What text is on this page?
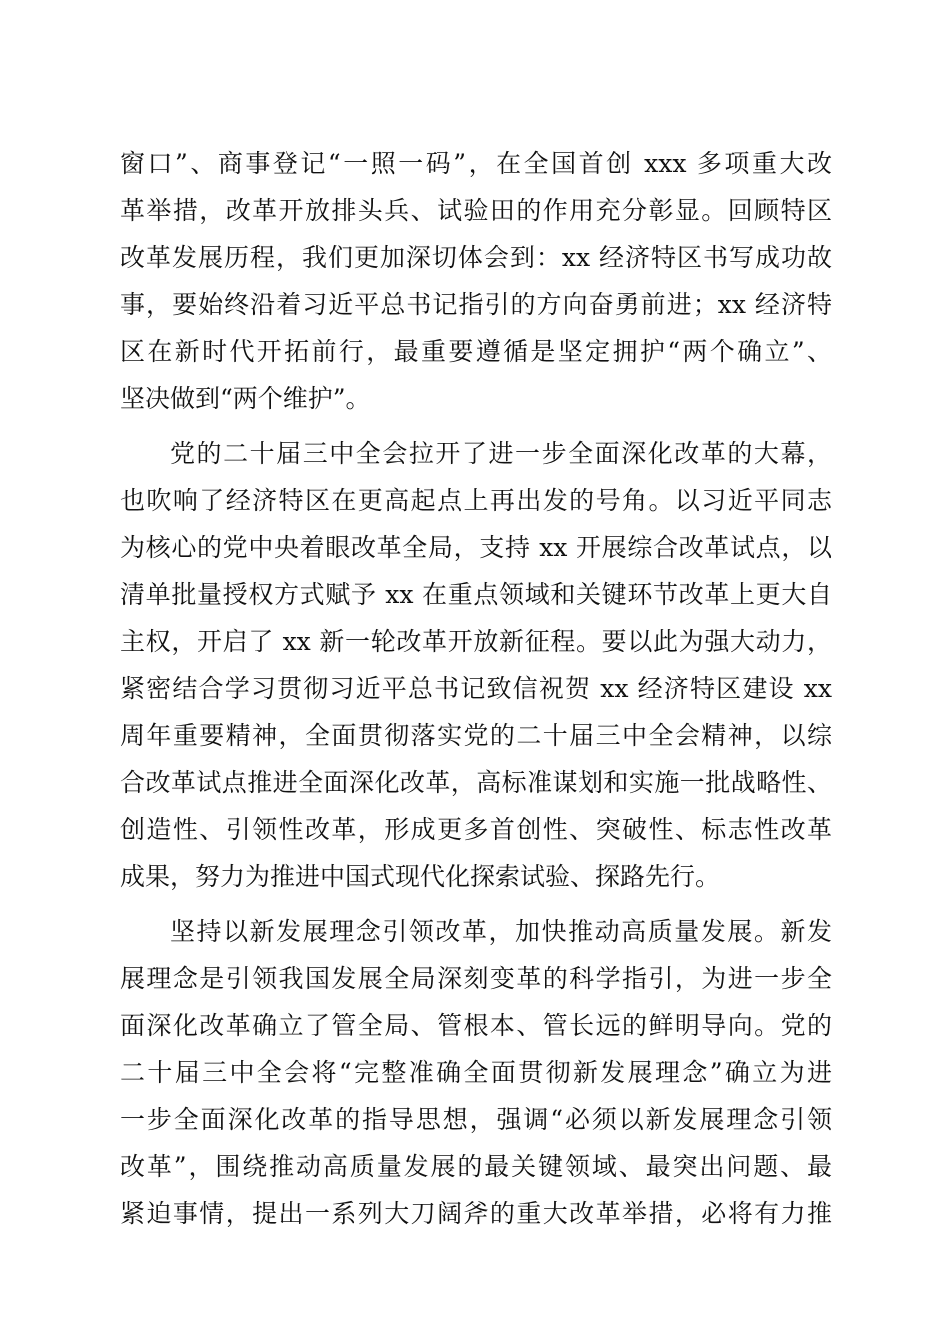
窗口”、商事登记“一照一码”，在全国首创 xxx 多项重大改
革举措，改革开放排头兵、试验田的作用充分彰显。回顾特区
改革发展历程，我们更加深切体会到：xx 经济特区书写成功故
事，要始终沿着习近平总书记指引的方向奋勇前进；xx 经济特
区在新时代开拓前行，最重要遵循是坚定拥护“两个确立”、
坚决做到“两个维护”。
党的二十届三中全会拉开了进一步全面深化改革的大幕，
也吹响了经济特区在更高起点上再出发的号角。以习近平同志
为核心的党中央着眼改革全局，支持 xx 开展综合改革试点，以
清单批量授权方式赋予 xx 在重点领域和关键环节改革上更大自
主权，开启了 xx 新一轮改革开放新征程。要以此为强大动力，
紧密结合学习贯彻习近平总书记致信祝贺 xx 经济特区建设 xx
周年重要精神，全面贯彻落实党的二十届三中全会精神，以综
合改革试点推进全面深化改革，高标准谋划和实施一批战略性、
创造性、引领性改革，形成更多首创性、突破性、标志性改革
成果，努力为推进中国式现代化探索试验、探路先行。
坚持以新发展理念引领改革，加快推动高质量发展。新发
展理念是引领我国发展全局深刻变革的科学指引，为进一步全
面深化改革确立了管全局、管根本、管长远的鲜明导向。党的
二十届三中全会将“完整准确全面贯彻新发展理念”确立为进
一步全面深化改革的指导思想，强调“必须以新发展理念引领
改革”，围绕推动高质量发展的最关键领域、最突出问题、最
紧迫事情，提出一系列大刀阔斧的重大改革举措，必将有力推
